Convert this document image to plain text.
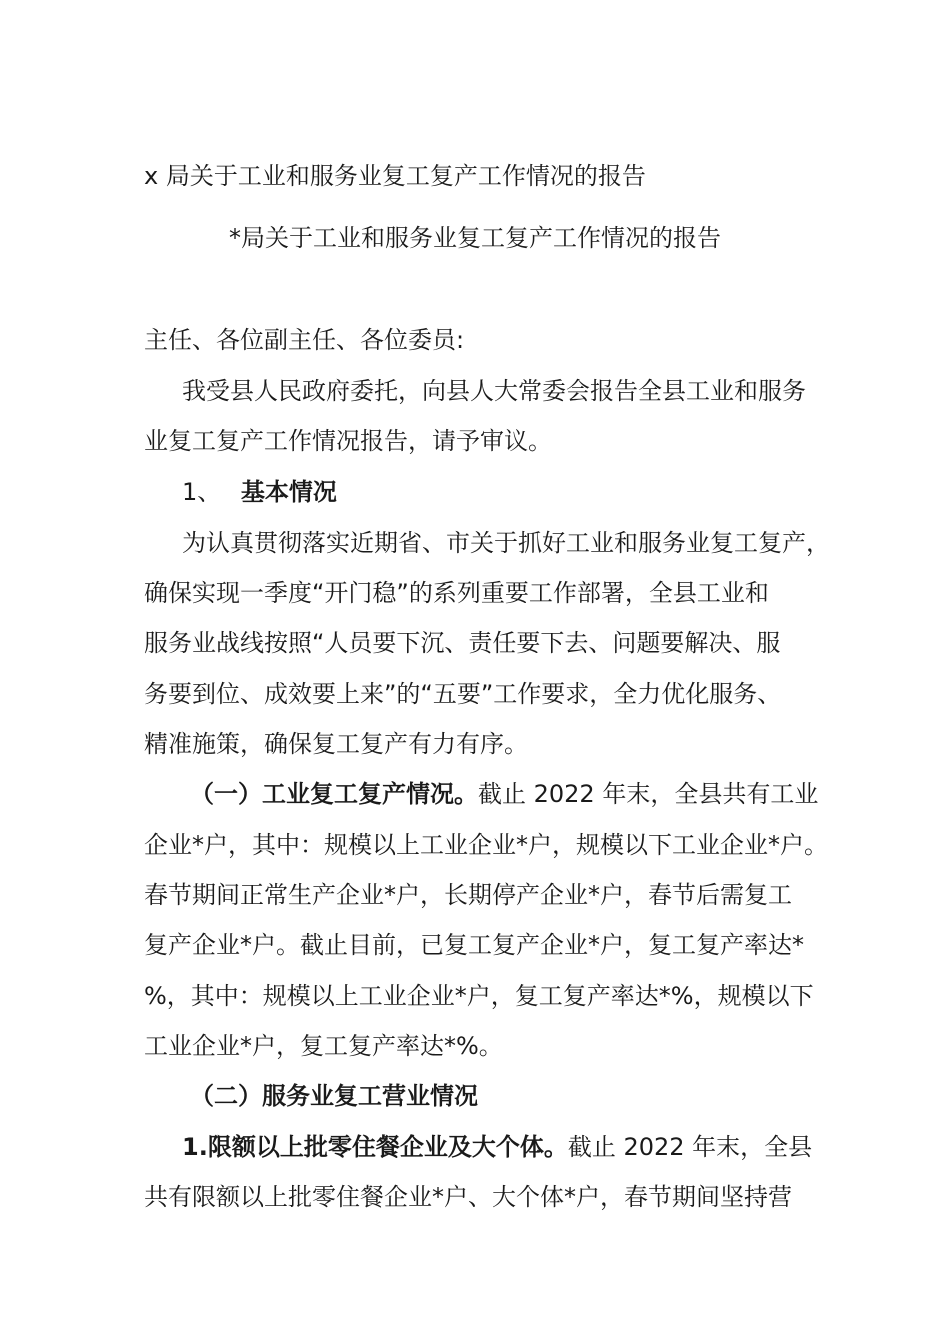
x 局关于工业和服务业复工复产工作情况的报告
*局关于工业和服务业复工复产工作情况的报告
主任、各位副主任、各位委员:
我受县人民政府委托，向县人大常委会报告全县工业和服务
业复工复产工作情况报告，请予审议。
1、 基本情况
为认真贯彻落实近期省、市关于抓好工业和服务业复工复产，
确保实现一季度“开门稳”的系列重要工作部署，全县工业和
服务业战线按照“人员要下沉、责任要下去、问题要解决、服
务要到位、成效要上来”的“五要”工作要求，全力优化服务、
精准施策，确保复工复产有力有序。
（一）工业复工复产情况。截止 2022 年末，全县共有工业
企业*户，其中：规模以上工业企业*户，规模以下工业企业*户。
春节期间正常生产企业*户，长期停产企业*户，春节后需复工
复产企业*户。截止目前，已复工复产企业*户，复工复产率达*
%，其中：规模以上工业企业*户，复工复产率达*%，规模以下
工业企业*户，复工复产率达*%。
（二）服务业复工营业情况
1.限额以上批零住餐企业及大个体。截止 2022 年末，全县
共有限额以上批零住餐企业*户、大个体*户，春节期间坚持营
